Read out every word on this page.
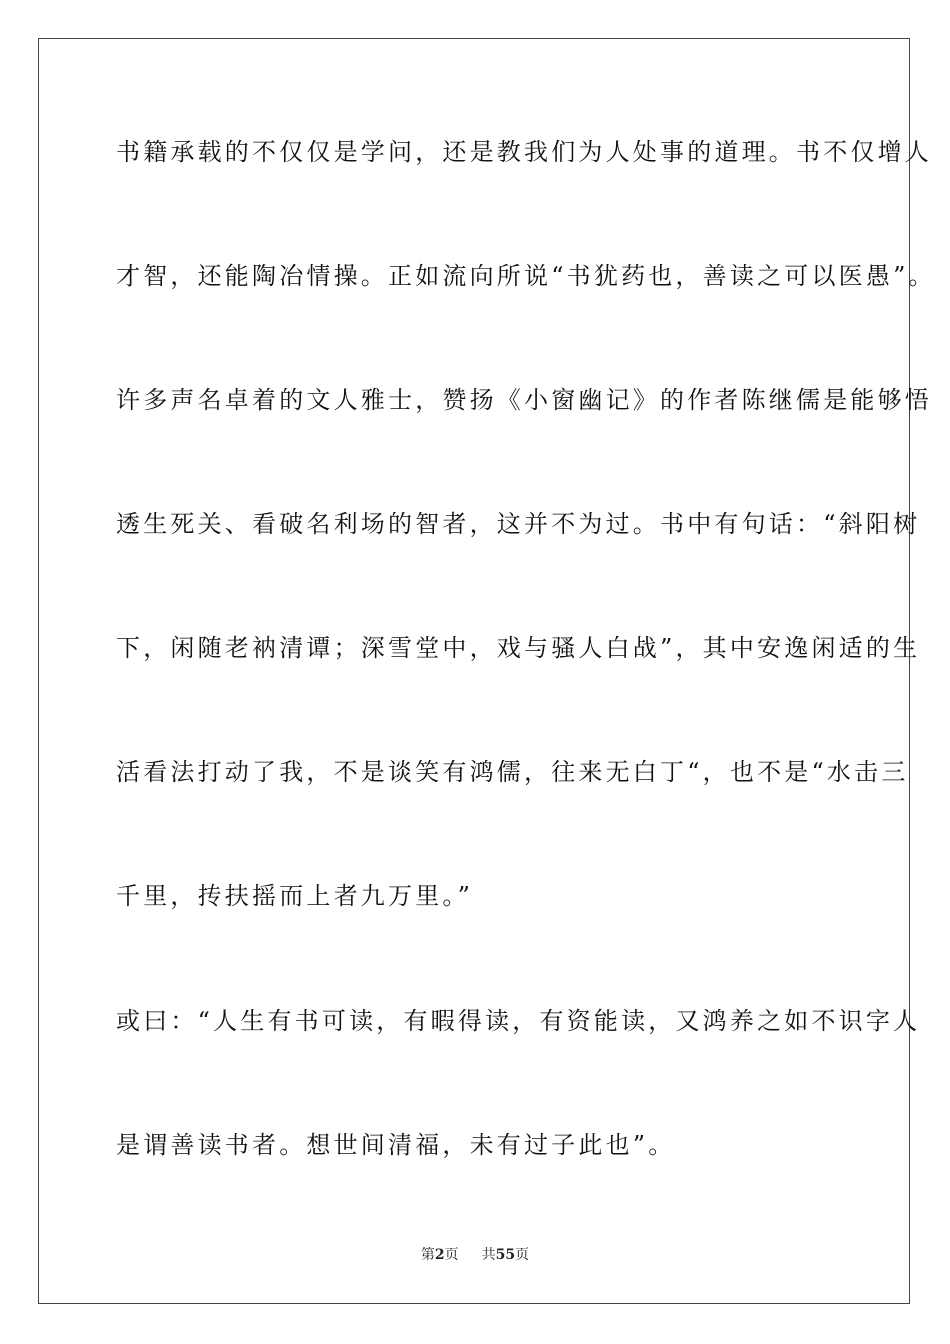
书籍承载的不仅仅是学问，还是教我们为人处事的道理。书不仅增人
才智，还能陶冶情操。正如流向所说“书犹药也，善读之可以医愚”。
许多声名卓着的文人雅士，赞扬《小窗幽记》的作者陈继儒是能够悟
透生死关、看破名利场的智者，这并不为过。书中有句话：“斜阳树
下，闲随老衲清谭；深雪堂中，戏与骚人白战”，其中安逸闲适的生
活看法打动了我，不是谈笑有鸿儒，往来无白丁“，也不是“水击三
千里，抟扶摇而上者九万里。”
或曰：“人生有书可读，有暇得读，有资能读，又鸿养之如不识字人
是谓善读书者。想世间清福，未有过子此也”。
第2页 共55页
